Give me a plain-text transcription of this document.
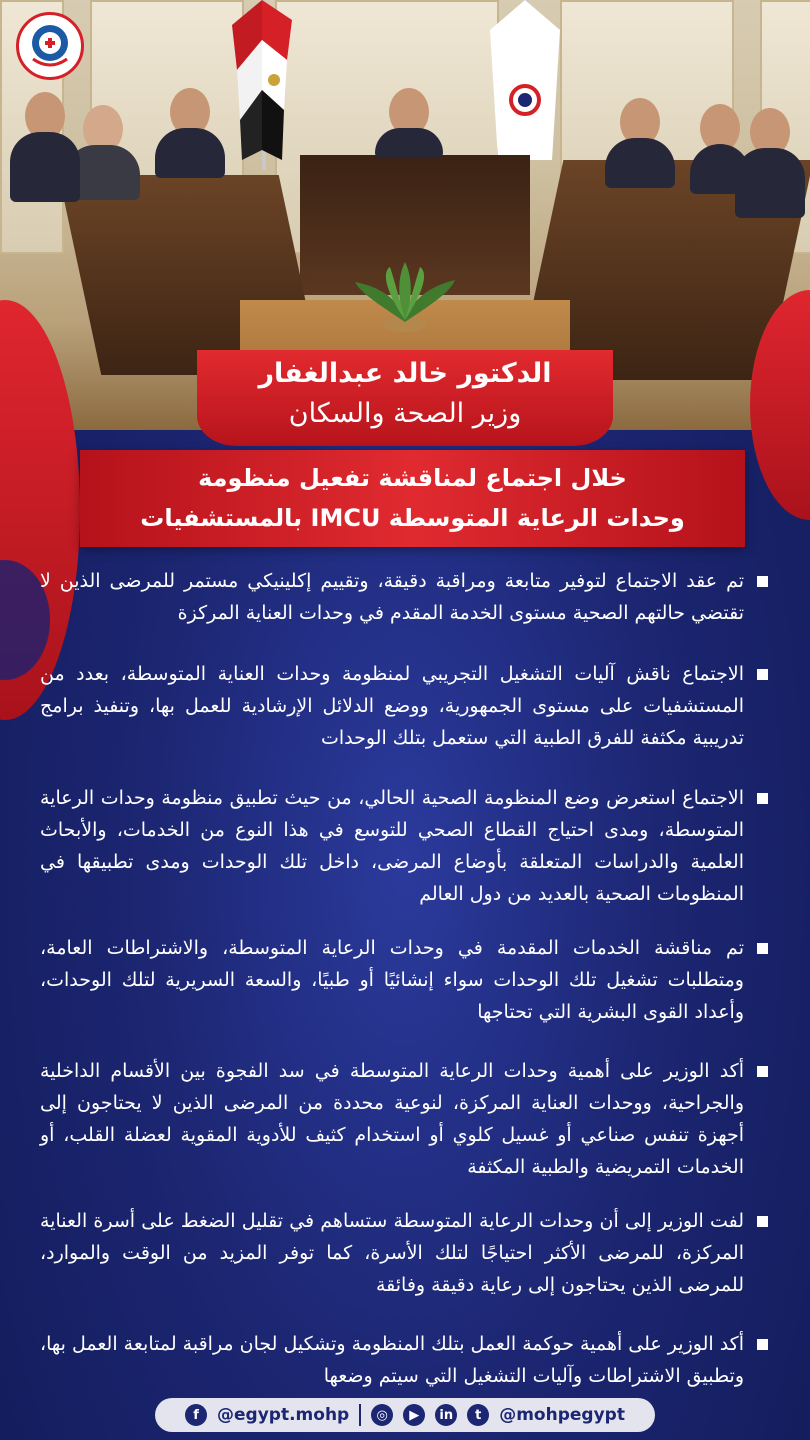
الدكتور خالد عبدالغفار
وزير الصحة والسكان
خلال اجتماع لمناقشة تفعيل منظومة
وحدات الرعاية المتوسطة IMCU بالمستشفيات
تم عقد الاجتماع لتوفير متابعة ومراقبة دقيقة، وتقييم إكلينيكي مستمر للمرضى الذين لا تقتضي حالتهم الصحية مستوى الخدمة المقدم في وحدات العناية المركزة
الاجتماع ناقش آليات التشغيل التجريبي لمنظومة وحدات العناية المتوسطة، بعدد من المستشفيات على مستوى الجمهورية، ووضع الدلائل الإرشادية للعمل بها، وتنفيذ برامج تدريبية مكثفة للفرق الطبية التي ستعمل بتلك الوحدات
الاجتماع استعرض وضع المنظومة الصحية الحالي، من حيث تطبيق منظومة وحدات الرعاية المتوسطة، ومدى احتياج القطاع الصحي للتوسع في هذا النوع من الخدمات، والأبحاث العلمية والدراسات المتعلقة بأوضاع المرضى، داخل تلك الوحدات ومدى تطبيقها في المنظومات الصحية بالعديد من دول العالم
تم مناقشة الخدمات المقدمة في وحدات الرعاية المتوسطة، والاشتراطات العامة، ومتطلبات تشغيل تلك الوحدات سواء إنشائيًا أو طبيًا، والسعة السريرية لتلك الوحدات، وأعداد القوى البشرية التي تحتاجها
أكد الوزير على أهمية وحدات الرعاية المتوسطة في سد الفجوة بين الأقسام الداخلية والجراحية، ووحدات العناية المركزة، لنوعية محددة من المرضى الذين لا يحتاجون إلى أجهزة تنفس صناعي أو غسيل كلوي أو استخدام كثيف للأدوية المقوية لعضلة القلب، أو الخدمات التمريضية والطبية المكثفة
لفت الوزير إلى أن وحدات الرعاية المتوسطة ستساهم في تقليل الضغط على أسرة العناية المركزة، للمرضى الأكثر احتياجًا لتلك الأسرة، كما توفر المزيد من الوقت والموارد، للمرضى الذين يحتاجون إلى رعاية دقيقة وفائقة
أكد الوزير على أهمية حوكمة العمل بتلك المنظومة وتشكيل لجان مراقبة لمتابعة العمل بها، وتطبيق الاشتراطات وآليات التشغيل التي سيتم وضعها
f	@egypt.mohp	◎	▶	in	t	@mohpegypt
